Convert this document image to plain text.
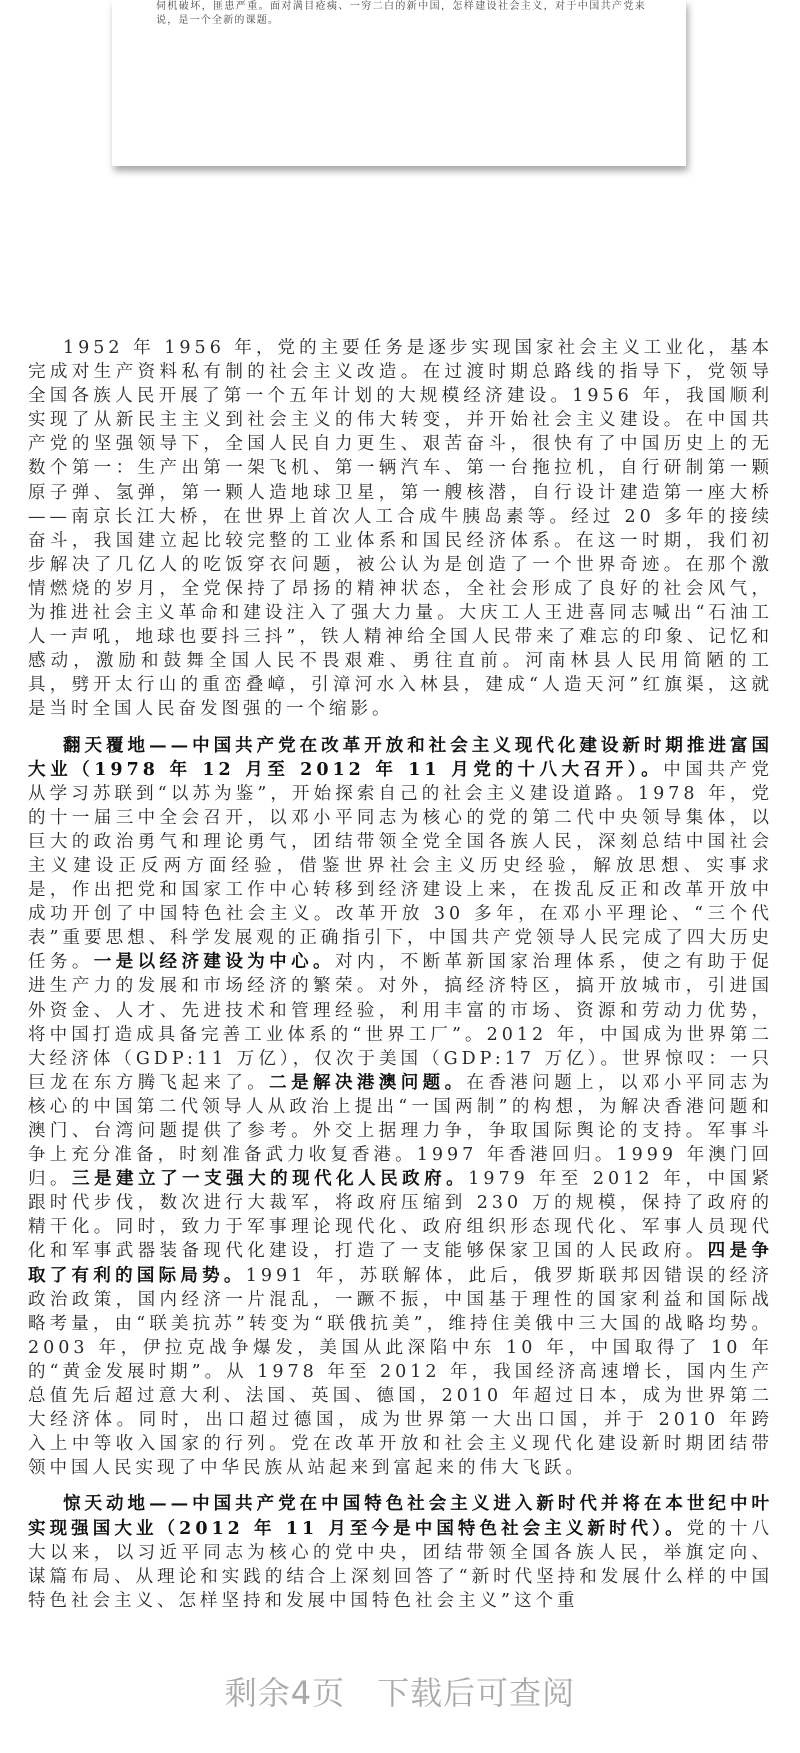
伺机破坏，匪患严重。面对满目疮痍、一穷二白的新中国，怎样建设社会主义，对于中国共产党来说，是一个全新的课题。

1952 年 1956 年，党的主要任务是逐步实现国家社会主义工业化，基本完成对生产资料私有制的社会主义改造。在过渡时期总路线的指导下，党领导全国各族人民开展了第一个五年计划的大规模经济建设。1956 年，我国顺利实现了从新民主主义到社会主义的伟大转变，并开始社会主义建设。在中国共产党的坚强领导下，全国人民自力更生、艰苦奋斗，很快有了中国历史上的无数个第一：生产出第一架飞机、第一辆汽车、第一台拖拉机，自行研制第一颗原子弹、氢弹，第一颗人造地球卫星，第一艘核潜，自行设计建造第一座大桥——南京长江大桥，在世界上首次人工合成牛胰岛素等。经过 20 多年的接续奋斗，我国建立起比较完整的工业体系和国民经济体系。在这一时期，我们初步解决了几亿人的吃饭穿衣问题，被公认为是创造了一个世界奇迹。在那个激情燃烧的岁月，全党保持了昂扬的精神状态，全社会形成了良好的社会风气，为推进社会主义革命和建设注入了强大力量。大庆工人王进喜同志喊出“石油工人一声吼，地球也要抖三抖”，铁人精神给全国人民带来了难忘的印象、记忆和感动，激励和鼓舞全国人民不畏艰难、勇往直前。河南林县人民用简陋的工具，劈开太行山的重峦叠嶂，引漳河水入林县，建成“人造天河”红旗渠，这就是当时全国人民奋发图强的一个缩影。

翻天覆地——中国共产党在改革开放和社会主义现代化建设新时期推进富国大业（1978 年 12 月至 2012 年 11 月党的十八大召开）。中国共产党从学习苏联到“以苏为鉴”，开始探索自己的社会主义建设道路。1978 年，党的十一届三中全会召开，以邓小平同志为核心的党的第二代中央领导集体，以巨大的政治勇气和理论勇气，团结带领全党全国各族人民，深刻总结中国社会主义建设正反两方面经验，借鉴世界社会主义历史经验，解放思想、实事求是，作出把党和国家工作中心转移到经济建设上来，在拨乱反正和改革开放中成功开创了中国特色社会主义。改革开放 30 多年，在邓小平理论、“三个代表”重要思想、科学发展观的正确指引下，中国共产党领导人民完成了四大历史任务。一是以经济建设为中心。对内，不断革新国家治理体系，使之有助于促进生产力的发展和市场经济的繁荣。对外，搞经济特区，搞开放城市，引进国外资金、人才、先进技术和管理经验，利用丰富的市场、资源和劳动力优势，将中国打造成具备完善工业体系的“世界工厂”。2012 年，中国成为世界第二大经济体（GDP:11 万亿），仅次于美国（GDP:17 万亿）。世界惊叹：一只巨龙在东方腾飞起来了。二是解决港澳问题。在香港问题上，以邓小平同志为核心的中国第二代领导人从政治上提出“一国两制”的构想，为解决香港问题和澳门、台湾问题提供了参考。外交上据理力争，争取国际舆论的支持。军事斗争上充分准备，时刻准备武力收复香港。1997 年香港回归。1999 年澳门回归。三是建立了一支强大的现代化人民政府。1979 年至 2012 年，中国紧跟时代步伐，数次进行大裁军，将政府压缩到 230 万的规模，保持了政府的精干化。同时，致力于军事理论现代化、政府组织形态现代化、军事人员现代化和军事武器装备现代化建设，打造了一支能够保家卫国的人民政府。四是争取了有利的国际局势。1991 年，苏联解体，此后，俄罗斯联邦因错误的经济政治政策，国内经济一片混乱，一蹶不振，中国基于理性的国家利益和国际战略考量，由“联美抗苏”转变为“联俄抗美”，维持住美俄中三大国的战略均势。2003 年，伊拉克战争爆发，美国从此深陷中东 10 年，中国取得了 10 年的“黄金发展时期”。从 1978 年至 2012 年，我国经济高速增长，国内生产总值先后超过意大利、法国、英国、德国，2010 年超过日本，成为世界第二大经济体。同时，出口超过德国，成为世界第一大出口国，并于 2010 年跨入上中等收入国家的行列。党在改革开放和社会主义现代化建设新时期团结带领中国人民实现了中华民族从站起来到富起来的伟大飞跃。

惊天动地——中国共产党在中国特色社会主义进入新时代并将在本世纪中叶实现强国大业（2012 年 11 月至今是中国特色社会主义新时代）。党的十八大以来，以习近平同志为核心的党中央，团结带领全国各族人民，举旗定向、谋篇布局、从理论和实践的结合上深刻回答了“新时代坚持和发展什么样的中国特色社会主义、怎样坚持和发展中国特色社会主义”这个重

剩余4页 下载后可查阅
